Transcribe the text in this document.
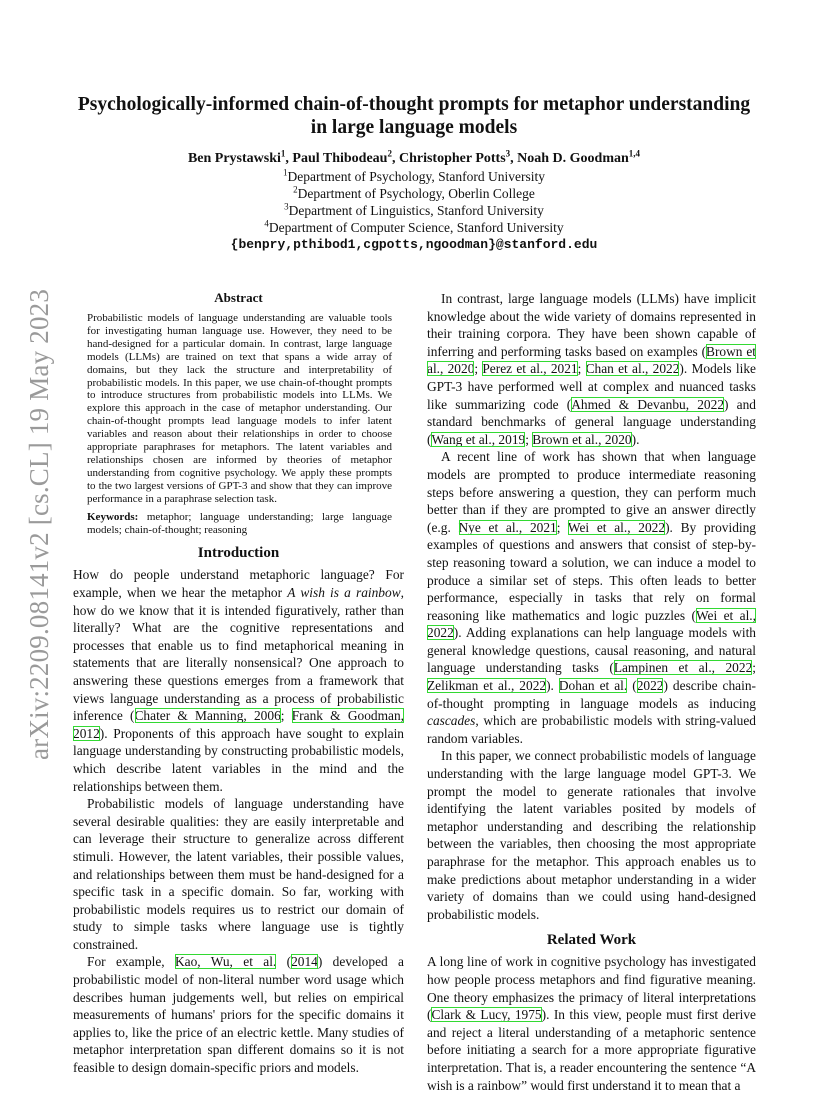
arXiv:2209.08141v2 [cs.CL] 19 May 2023
Psychologically-informed chain-of-thought prompts for metaphor understanding
in large language models
Ben Prystawski$^1$, Paul Thibodeau$^2$, Christopher Potts$^3$, Noah D. Goodman$^{1,4}$
$^1$Department of Psychology, Stanford University
$^2$Department of Psychology, Oberlin College
$^3$Department of Linguistics, Stanford University
$^4$Department of Computer Science, Stanford University
{benpry,pthibod1,cgpotts,ngoodman}@stanford.edu
Abstract

Probabilistic models of language understanding are valuable tools for investigating human language use. However, they need to be hand-designed for a particular domain. In contrast, large language models (LLMs) are trained on text that spans a wide array of domains, but they lack the structure and interpretability of probabilistic models. In this paper, we use chain-of-thought prompts to introduce structures from probabilistic models into LLMs. We explore this approach in the case of metaphor understanding. Our chain-of-thought prompts lead language models to infer latent variables and reason about their relationships in order to choose appropriate paraphrases for metaphors. The latent variables and relationships chosen are informed by theories of metaphor understanding from cognitive psychology. We apply these prompts to the two largest versions of GPT-3 and show that they can improve performance in a paraphrase selection task.

Keywords: metaphor; language understanding; large language models; chain-of-thought; reasoning
Introduction

How do people understand metaphoric language? For example, when we hear the metaphor A wish is a rainbow, how do we know that it is intended figuratively, rather than literally? What are the cognitive representations and processes that enable us to find metaphorical meaning in statements that are literally nonsensical? One approach to answering these questions emerges from a framework that views language understanding as a process of probabilistic inference (Chater & Manning, 2006; Frank & Goodman, 2012). Proponents of this approach have sought to explain language understanding by constructing probabilistic models, which describe latent variables in the mind and the relationships between them.

Probabilistic models of language understanding have several desirable qualities: they are easily interpretable and can leverage their structure to generalize across different stimuli. However, the latent variables, their possible values, and relationships between them must be hand-designed for a specific task in a specific domain. So far, working with probabilistic models requires us to restrict our domain of study to simple tasks where language use is tightly constrained.

For example, Kao, Wu, et al. (2014) developed a probabilistic model of non-literal number word usage which describes human judgements well, but relies on empirical measurements of humans' priors for the specific domains it applies to, like the price of an electric kettle. Many studies of metaphor interpretation span different domains so it is not feasible to design domain-specific priors and models.

In contrast, large language models (LLMs) have implicit knowledge about the wide variety of domains represented in their training corpora. They have been shown capable of inferring and performing tasks based on examples (Brown et al., 2020; Perez et al., 2021; Chan et al., 2022). Models like GPT-3 have performed well at complex and nuanced tasks like summarizing code (Ahmed & Devanbu, 2022) and standard benchmarks of general language understanding (Wang et al., 2019; Brown et al., 2020).

A recent line of work has shown that when language models are prompted to produce intermediate reasoning steps before answering a question, they can perform much better than if they are prompted to give an answer directly (e.g. Nye et al., 2021; Wei et al., 2022). By providing examples of questions and answers that consist of step-by-step reasoning toward a solution, we can induce a model to produce a similar set of steps. This often leads to better performance, especially in tasks that rely on formal reasoning like mathematics and logic puzzles (Wei et al., 2022). Adding explanations can help language models with general knowledge questions, causal reasoning, and natural language understanding tasks (Lampinen et al., 2022; Zelikman et al., 2022). Dohan et al. (2022) describe chain-of-thought prompting in language models as inducing cascades, which are probabilistic models with string-valued random variables.

In this paper, we connect probabilistic models of language understanding with the large language model GPT-3. We prompt the model to generate rationales that involve identifying the latent variables posited by models of metaphor understanding and describing the relationship between the variables, then choosing the most appropriate paraphrase for the metaphor. This approach enables us to make predictions about metaphor understanding in a wider variety of domains than we could using hand-designed probabilistic models.

Related Work

A long line of work in cognitive psychology has investigated how people process metaphors and find figurative meaning. One theory emphasizes the primacy of literal interpretations (Clark & Lucy, 1975). In this view, people must first derive and reject a literal understanding of a metaphoric sentence before initiating a search for a more appropriate figurative interpretation. That is, a reader encountering the sentence “A wish is a rainbow” would first understand it to mean that a
